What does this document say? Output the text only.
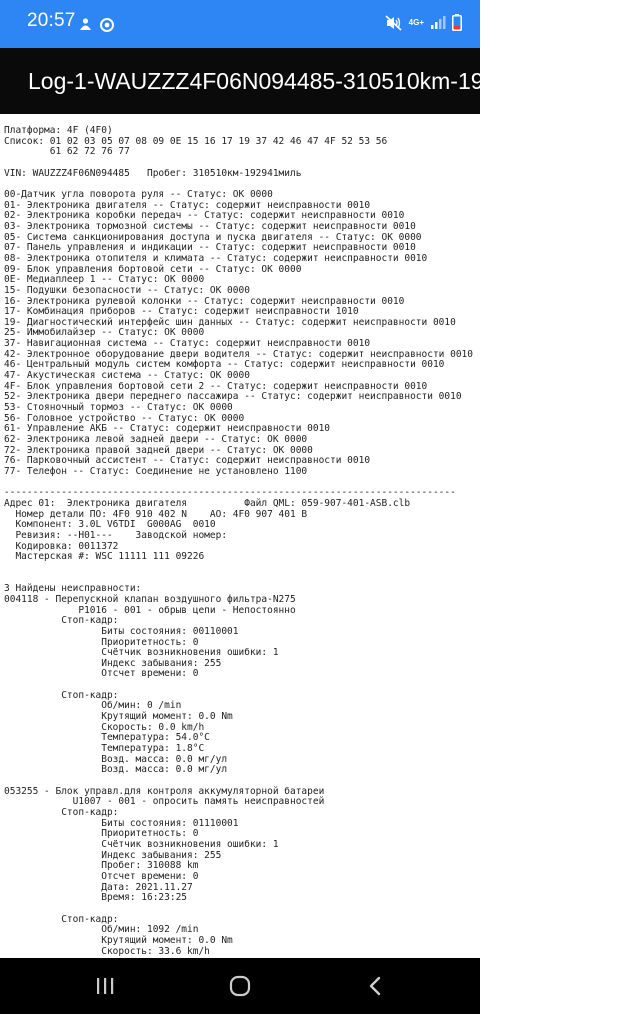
20:57	4G+
Log-1-WAUZZZ4F06N094485-310510km-192941miles.txt
Платформа: 4F (4F0)
Список: 01 02 03 05 07 08 09 0E 15 16 17 19 37 42 46 47 4F 52 53 56
61 62 72 76 77

VIN: WAUZZZ4F06N094485   Пробег: 310510км-192941миль

00-Датчик угла поворота руля -- Статус: OK 0000
01- Электроника двигателя -- Статус: содержит неисправности 0010
02- Электроника коробки передач -- Статус: содержит неисправности 0010
03- Электроника тормозной системы -- Статус: содержит неисправности 0010
05- Система санкционирования доступа и пуска двигателя -- Статус: OK 0000
07- Панель управления и индикации -- Статус: содержит неисправности 0010
08- Электроника отопителя и климата -- Статус: содержит неисправности 0010
09- Блок управления бортовой сети -- Статус: OK 0000
0E- Медиаплеер 1 -- Статус: OK 0000
15- Подушки безопасности -- Статус: OK 0000
16- Электроника рулевой колонки -- Статус: содержит неисправности 0010
17- Комбинация приборов -- Статус: содержит неисправности 1010
19- Диагностический интерфейс шин данных -- Статус: содержит неисправности 0010
25- Иммобилайзер -- Статус: OK 0000
37- Навигационная система -- Статус: содержит неисправности 0010
42- Электронное оборудование двери водителя -- Статус: содержит неисправности 0010
46- Центральный модуль систем комфорта -- Статус: содержит неисправности 0010
47- Акустическая система -- Статус: OK 0000
4F- Блок управления бортовой сети 2 -- Статус: содержит неисправности 0010
52- Электроника двери переднего пассажира -- Статус: содержит неисправности 0010
53- Стояночный тормоз -- Статус: OK 0000
56- Головное устройство -- Статус: OK 0000
61- Управление АКБ -- Статус: содержит неисправности 0010
62- Электроника левой задней двери -- Статус: OK 0000
72- Электроника правой задней двери -- Статус: OK 0000
76- Парковочный ассистент -- Статус: содержит неисправности 0010
77- Телефон -- Статус: Соединение не установлено 1100

-------------------------------------------------------------------------------
Адрес 01:  Электроника двигателя          Файл QML: 059-907-401-ASB.clb
Номер детали ПО: 4F0 910 402 N    AO: 4F0 907 401 B
Компонент: 3.0L V6TDI  G000AG  0010
Ревизия: --H01---    Заводской номер:
Кодировка: 0011372
Мастерская #: WSC 11111 111 09226

3 Найдены неисправности:
004118 - Перепускной клапан воздушного фильтра-N275
P1016 - 001 - обрыв цепи - Непостоянно
Стоп-кадр:
Биты состояния: 00110001
Приоритетность: 0
Счётчик возникновения ошибки: 1
Индекс забывания: 255
Отсчет времени: 0

Стоп-кадр:
Об/мин: 0 /min
Крутящий момент: 0.0 Nm
Скорость: 0.0 km/h
Температура: 54.0°C
Температура: 1.8°C
Возд. масса: 0.0 мг/ул
Возд. масса: 0.0 мг/ул

053255 - Блок управл.для контроля аккумуляторной батареи
U1007 - 001 - опросить память неисправностей
Стоп-кадр:
Биты состояния: 01110001
Приоритетность: 0
Счётчик возникновения ошибки: 1
Индекс забывания: 255
Пробег: 310088 km
Отсчет времени: 0
Дата: 2021.11.27
Время: 16:23:25

Стоп-кадр:
Об/мин: 1092 /min
Крутящий момент: 0.0 Nm
Скорость: 33.6 km/h
